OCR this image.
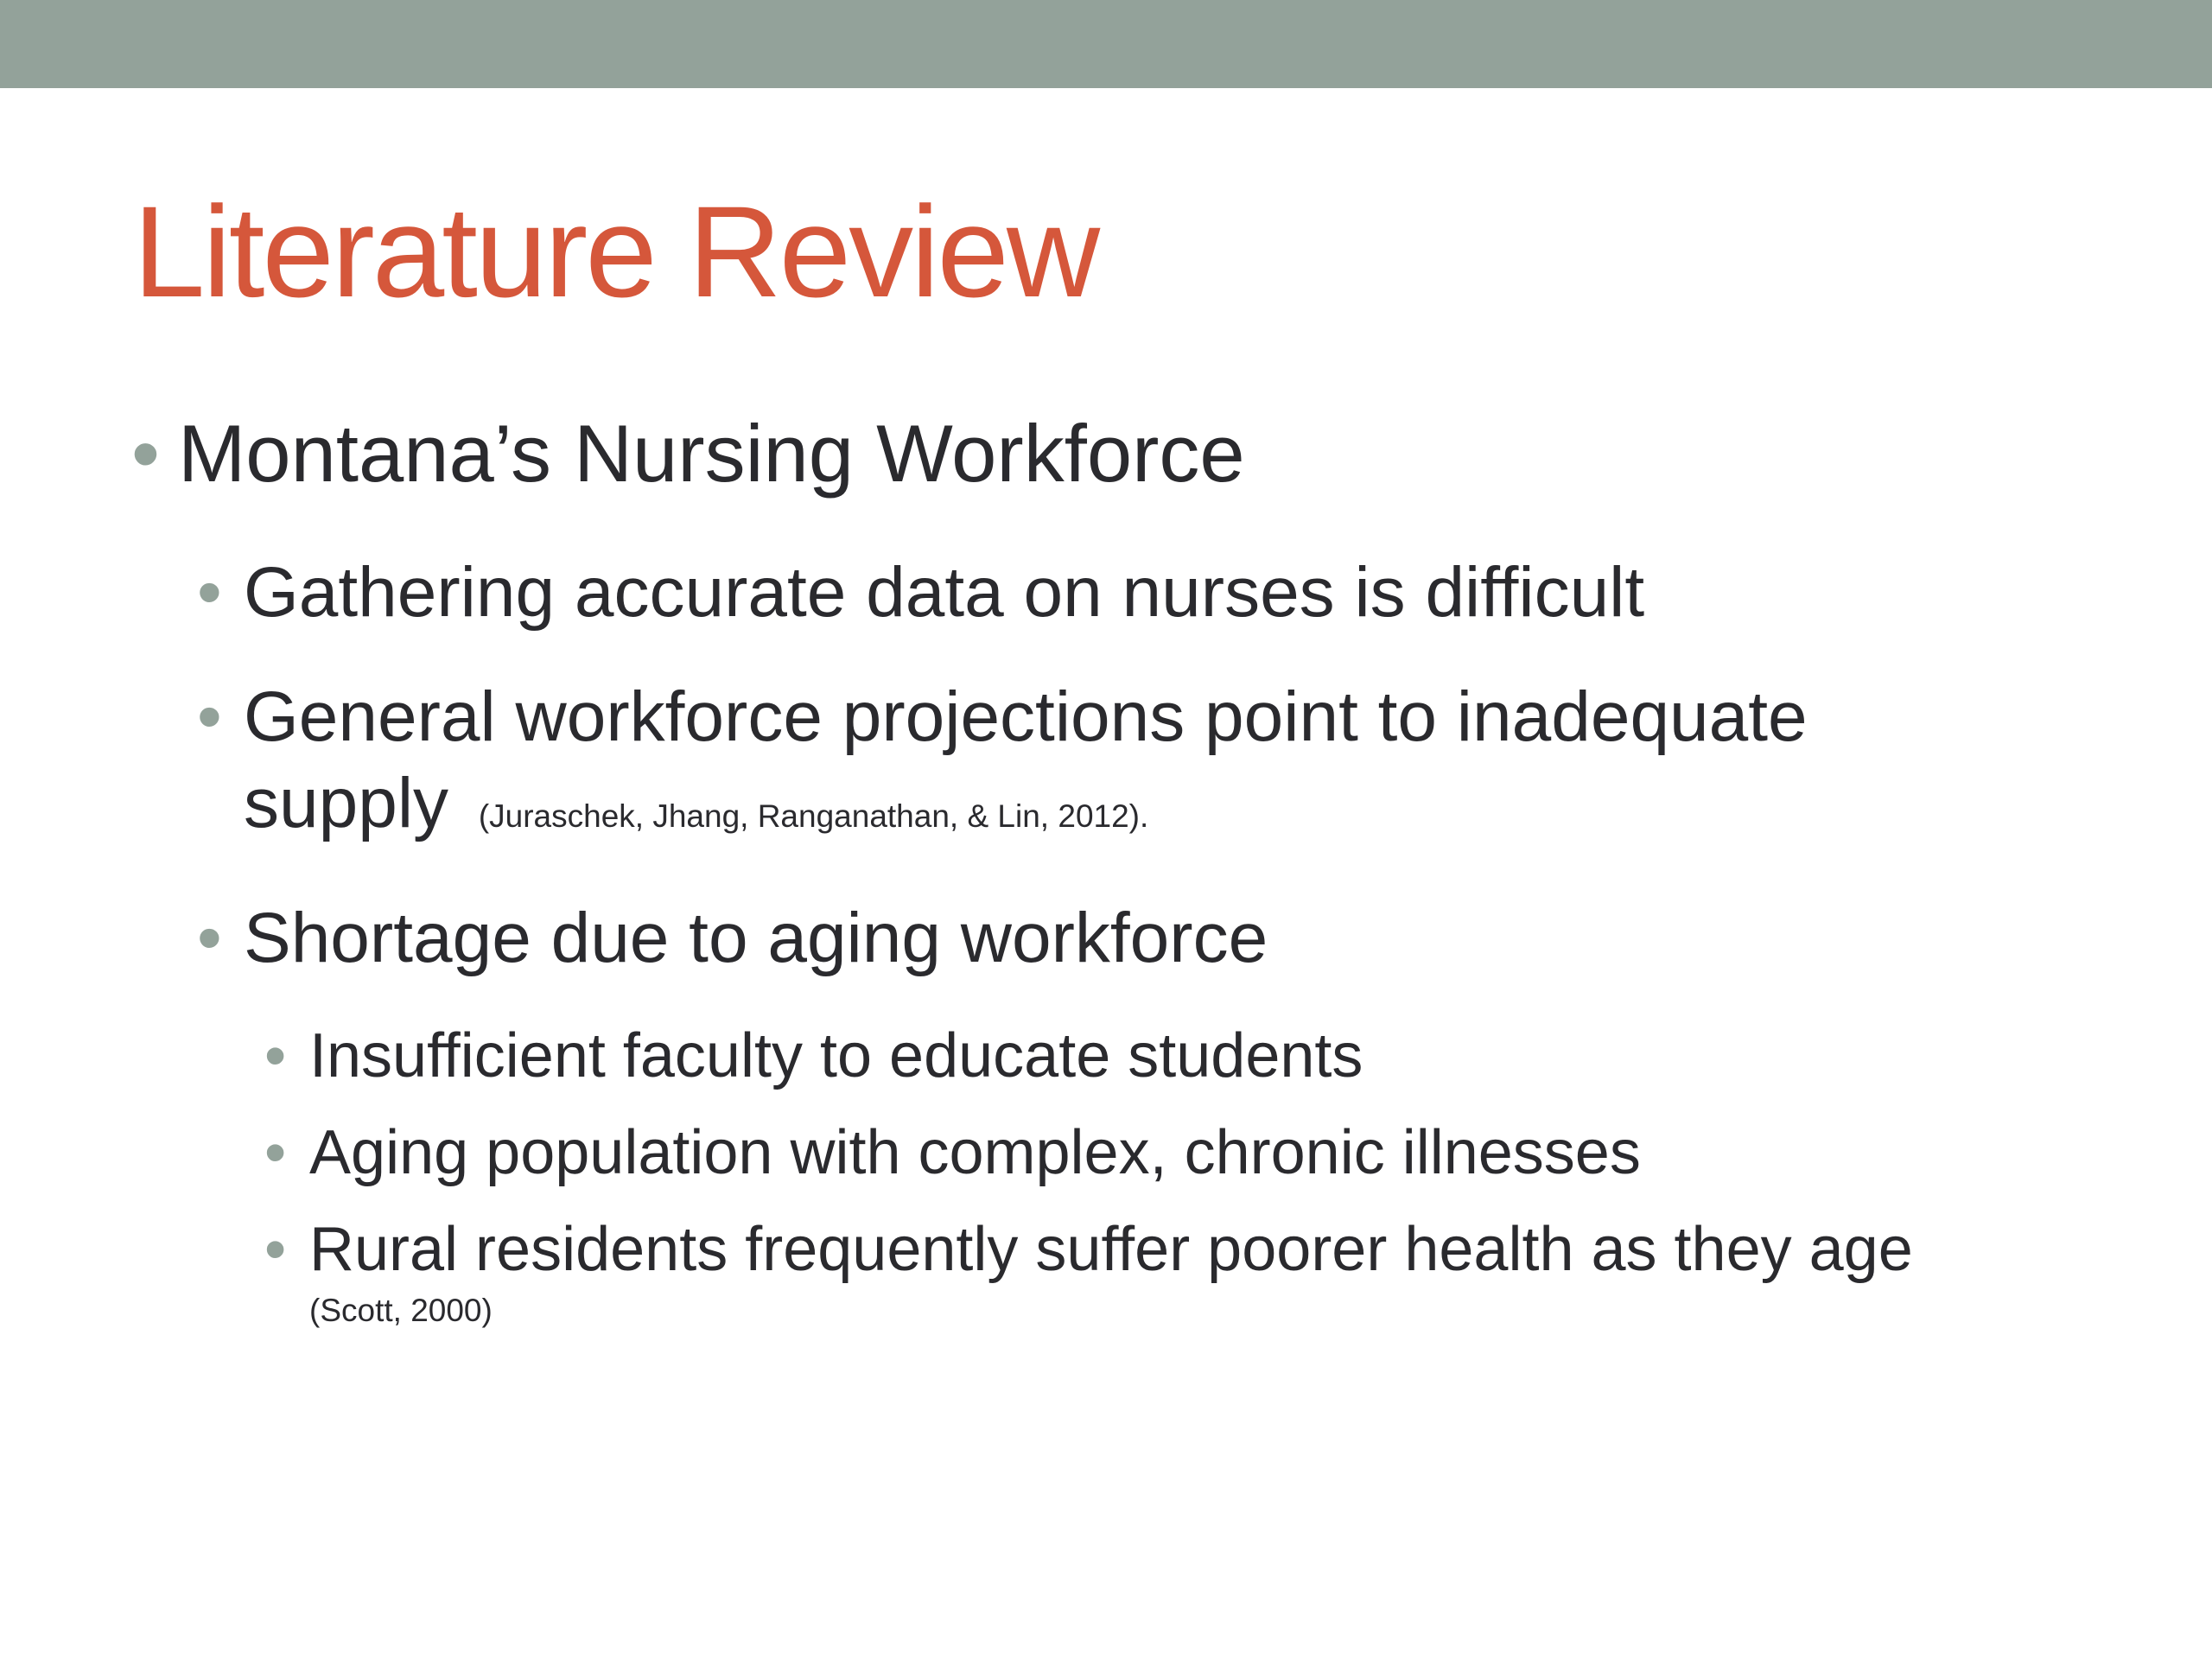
Literature Review
• Montana’s Nursing Workforce
• Gathering accurate data on nurses is difficult
• General workforce projections point to inadequate
supply (Juraschek, Jhang, Ranganathan, & Lin, 2012).
• Shortage due to aging workforce
• Insufficient faculty to educate students
• Aging population with complex, chronic illnesses
• Rural residents frequently suffer poorer health as they age
(Scott, 2000)
